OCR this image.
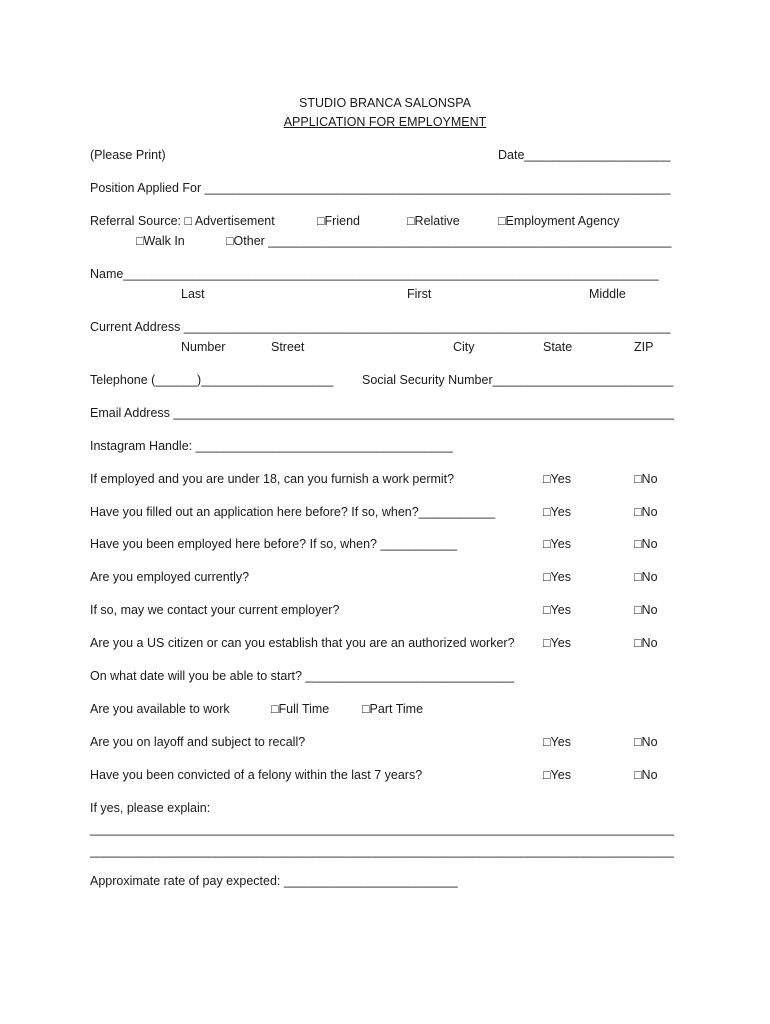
STUDIO BRANCA SALONSPA
APPLICATION FOR EMPLOYMENT
(Please Print)	Date_____________________
Position Applied For ___________________________________________________________________
Referral Source: □ Advertisement	□Friend	□Relative	□Employment Agency
□Walk In	□Other __________________________________________________________
Name_____________________________________________________________________________
Last	First	Middle
Current Address ______________________________________________________________________
Number	Street	City	State	ZIP
Telephone (______)___________________ Social Security Number__________________________
Email Address ________________________________________________________________________
Instagram Handle: _____________________________________
If employed and you are under 18, can you furnish a work permit?	□Yes	□No
Have you filled out an application here before? If so, when?___________	□Yes	□No
Have you been employed here before? If so, when? ___________	□Yes	□No
Are you employed currently?	□Yes	□No
If so, may we contact your current employer?	□Yes	□No
Are you a US citizen or can you establish that you are an authorized worker? □Yes	□No
On what date will you be able to start? ______________________________
Are you available to work	□Full Time	□Part Time
Are you on layoff and subject to recall?	□Yes	□No
Have you been convicted of a felony within the last 7 years?	□Yes	□No
If yes, please explain:
____________________________________________________________________________________
____________________________________________________________________________________
Approximate rate of pay expected: _________________________
